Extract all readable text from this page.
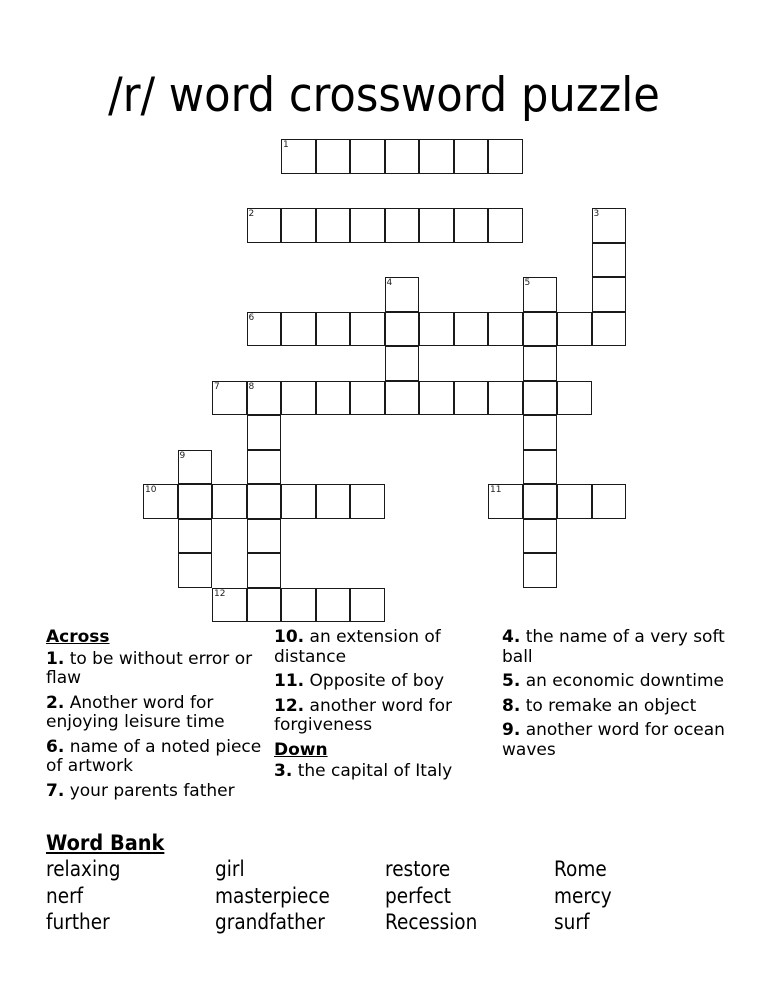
/r/ word crossword puzzle
1
2	3
4	5
6
7	8
9
10	11
12
Across
1. to be without error or flaw
2. Another word for enjoying leisure time
6. name of a noted piece of artwork
7. your parents father
10. an extension of distance
11. Opposite of boy
12. another word for forgiveness
Down
3. the capital of Italy
4. the name of a very soft ball
5. an economic downtime
8. to remake an object
9. another word for ocean waves
Word Bank
relaxing	girl	restore	Rome
nerf	masterpiece	perfect	mercy
further	grandfather	Recession	surf
